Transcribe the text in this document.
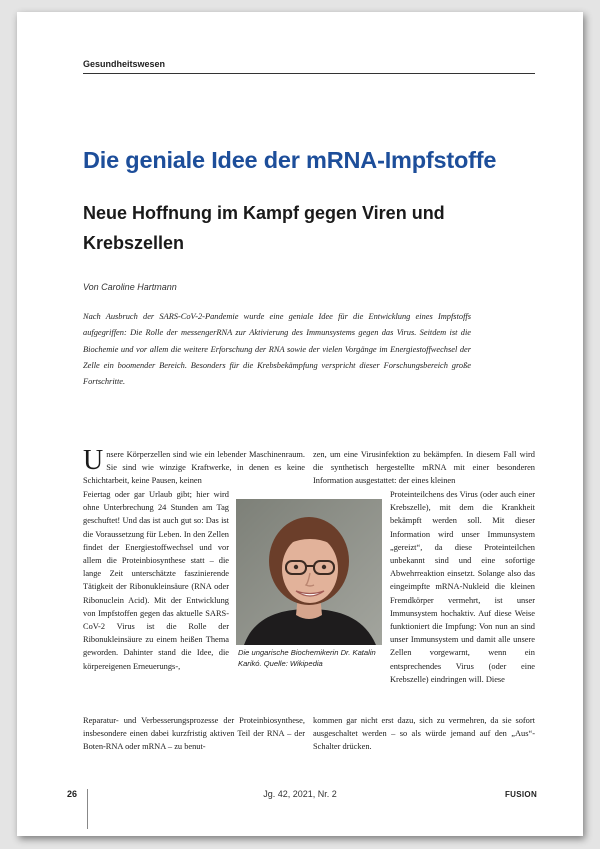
Gesundheitswesen
Die geniale Idee der mRNA-Impfstoffe
Neue Hoffnung im Kampf gegen Viren und Krebszellen
Von Caroline Hartmann

Nach Ausbruch der SARS-CoV-2-Pandemie wurde eine geniale Idee für die Entwicklung eines Impfstoffs aufgegriffen: Die Rolle der messengerRNA zur Aktivierung des Immunsystems gegen das Virus. Seitdem ist die Biochemie und vor allem die weitere Erforschung der RNA sowie der vielen Vorgänge im Energiestoffwechsel der Zelle ein boomender Bereich. Besonders für die Krebsbekämpfung verspricht dieser Forschungsbereich große Fortschritte.

Unsere Körperzellen sind wie ein lebender Maschinenraum. Sie sind wie winzige Kraftwerke, in denen es keine Schichtarbeit, keine Pausen, keinen
Feiertag oder gar Urlaub gibt; hier wird ohne Unterbrechung 24 Stunden am Tag geschuftet! Und das ist auch gut so: Das ist die Voraussetzung für Leben. In den Zellen findet der Energiestoffwechsel und vor allem die Proteinbiosynthese statt – die lange Zeit unterschätzte faszinierende Tätigkeit der Ribonukleinsäure (RNA oder Ribonuclein Acid). Mit der Entwicklung von Impfstoffen gegen das aktuelle SARS-CoV-2 Virus ist die Rolle der Ribonukleinsäure zu einem heißen Thema geworden. Dahinter stand die Idee, die körpereigenen Erneuerungs-,
Reparatur- und Verbesserungsprozesse der Proteinbiosynthese, insbesondere einen dabei kurzfristig aktiven Teil der RNA – der Boten-RNA oder mRNA – zu benut-
zen, um eine Virusinfektion zu bekämpfen. In diesem Fall wird die synthetisch hergestellte mRNA mit einer besonderen Information ausgestattet: der eines kleinen
Proteinteilchens des Virus (oder auch einer Krebszelle), mit dem die Krankheit bekämpft werden soll. Mit dieser Information wird unser Immunsystem „gereizt“, da diese Proteinteilchen unbekannt sind und eine sofortige Abwehrreaktion einsetzt. Solange also das eingeimpfte mRNA-Nukleid die kleinen Fremdkörper vermehrt, ist unser Immunsystem hochaktiv. Auf diese Weise funktioniert die Impfung: Von nun an sind unser Immunsystem und damit alle unsere Zellen vorgewarnt, wenn ein entsprechendes Virus (oder eine Krebszelle) eindringen will. Diese
kommen gar nicht erst dazu, sich zu vermehren, da sie sofort ausgeschaltet werden – so als würde jemand auf den „Aus“-Schalter drücken.
Die ungarische Biochemikerin Dr. Katalin Karikó. Quelle: Wikipedia
26	Jg. 42, 2021, Nr. 2	FUSION
